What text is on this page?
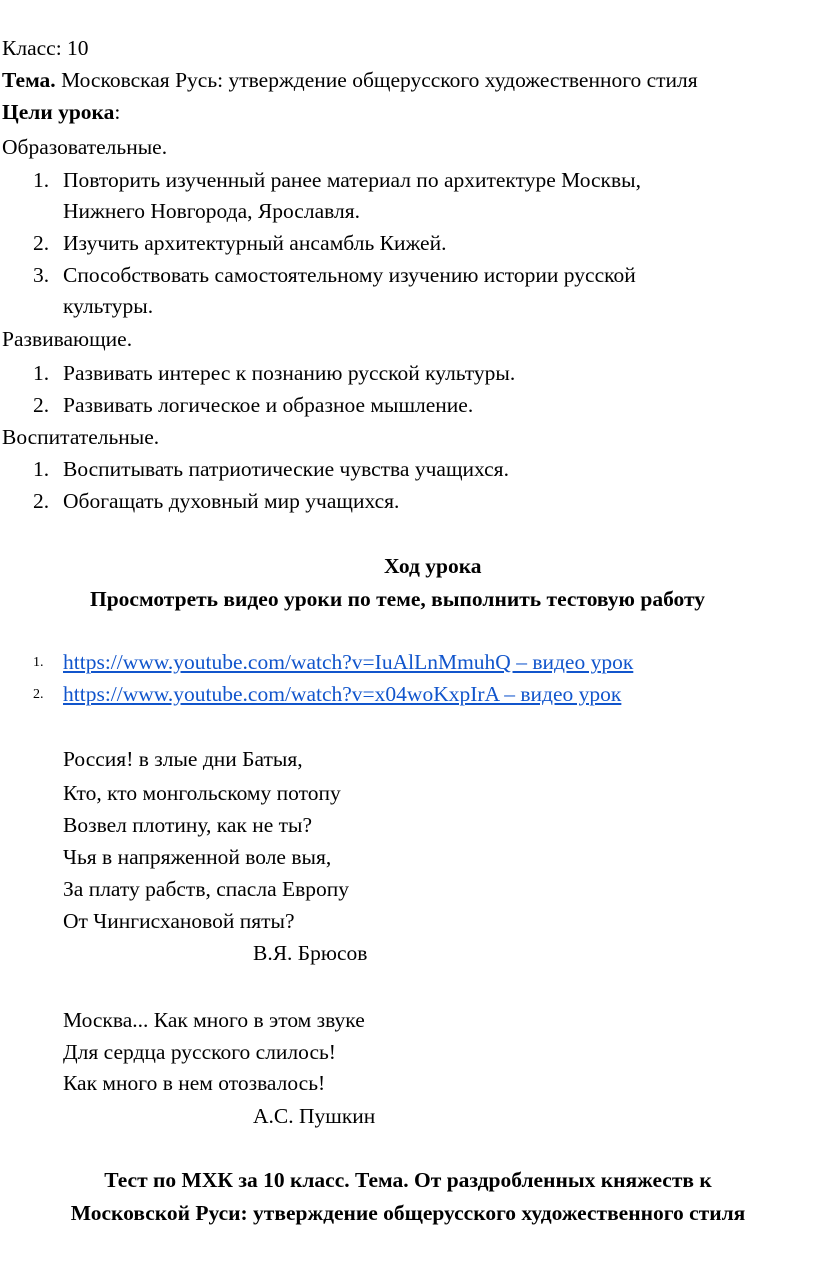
Класс: 10
Тема. Московская Русь: утверждение общерусского художественного стиля
Цели урока:
Образовательные.
1. Повторить изученный ранее материал по архитектуре Москвы,
Нижнего Новгорода, Ярославля.
2. Изучить архитектурный ансамбль Кижей.
3. Способствовать самостоятельному изучению истории русской
культуры.
Развивающие.
1. Развивать интерес к познанию русской культуры.
2. Развивать логическое и образное мышление.
Воспитательные.
1. Воспитывать патриотические чувства учащихся.
2. Обогащать духовный мир учащихся.
Ход урока
Просмотреть видео уроки по теме, выполнить тестовую работу
1. https://www.youtube.com/watch?v=IuAlLnMmuhQ – видео урок
2. https://www.youtube.com/watch?v=x04woKxpIrA – видео урок
Россия! в злые дни Батыя,
Кто, кто монгольскому потопу
Возвел плотину, как не ты?
Чья в напряженной воле выя,
За плату рабств, спасла Европу
От Чингисхановой пяты?
В.Я. Брюсов
Москва... Как много в этом звуке
Для сердца русского слилось!
Как много в нем отозвалось!
А.С. Пушкин
Тест по МХК за 10 класс. Тема. От раздробленных княжеств к
Московской Руси: утверждение общерусского художественного стиля
